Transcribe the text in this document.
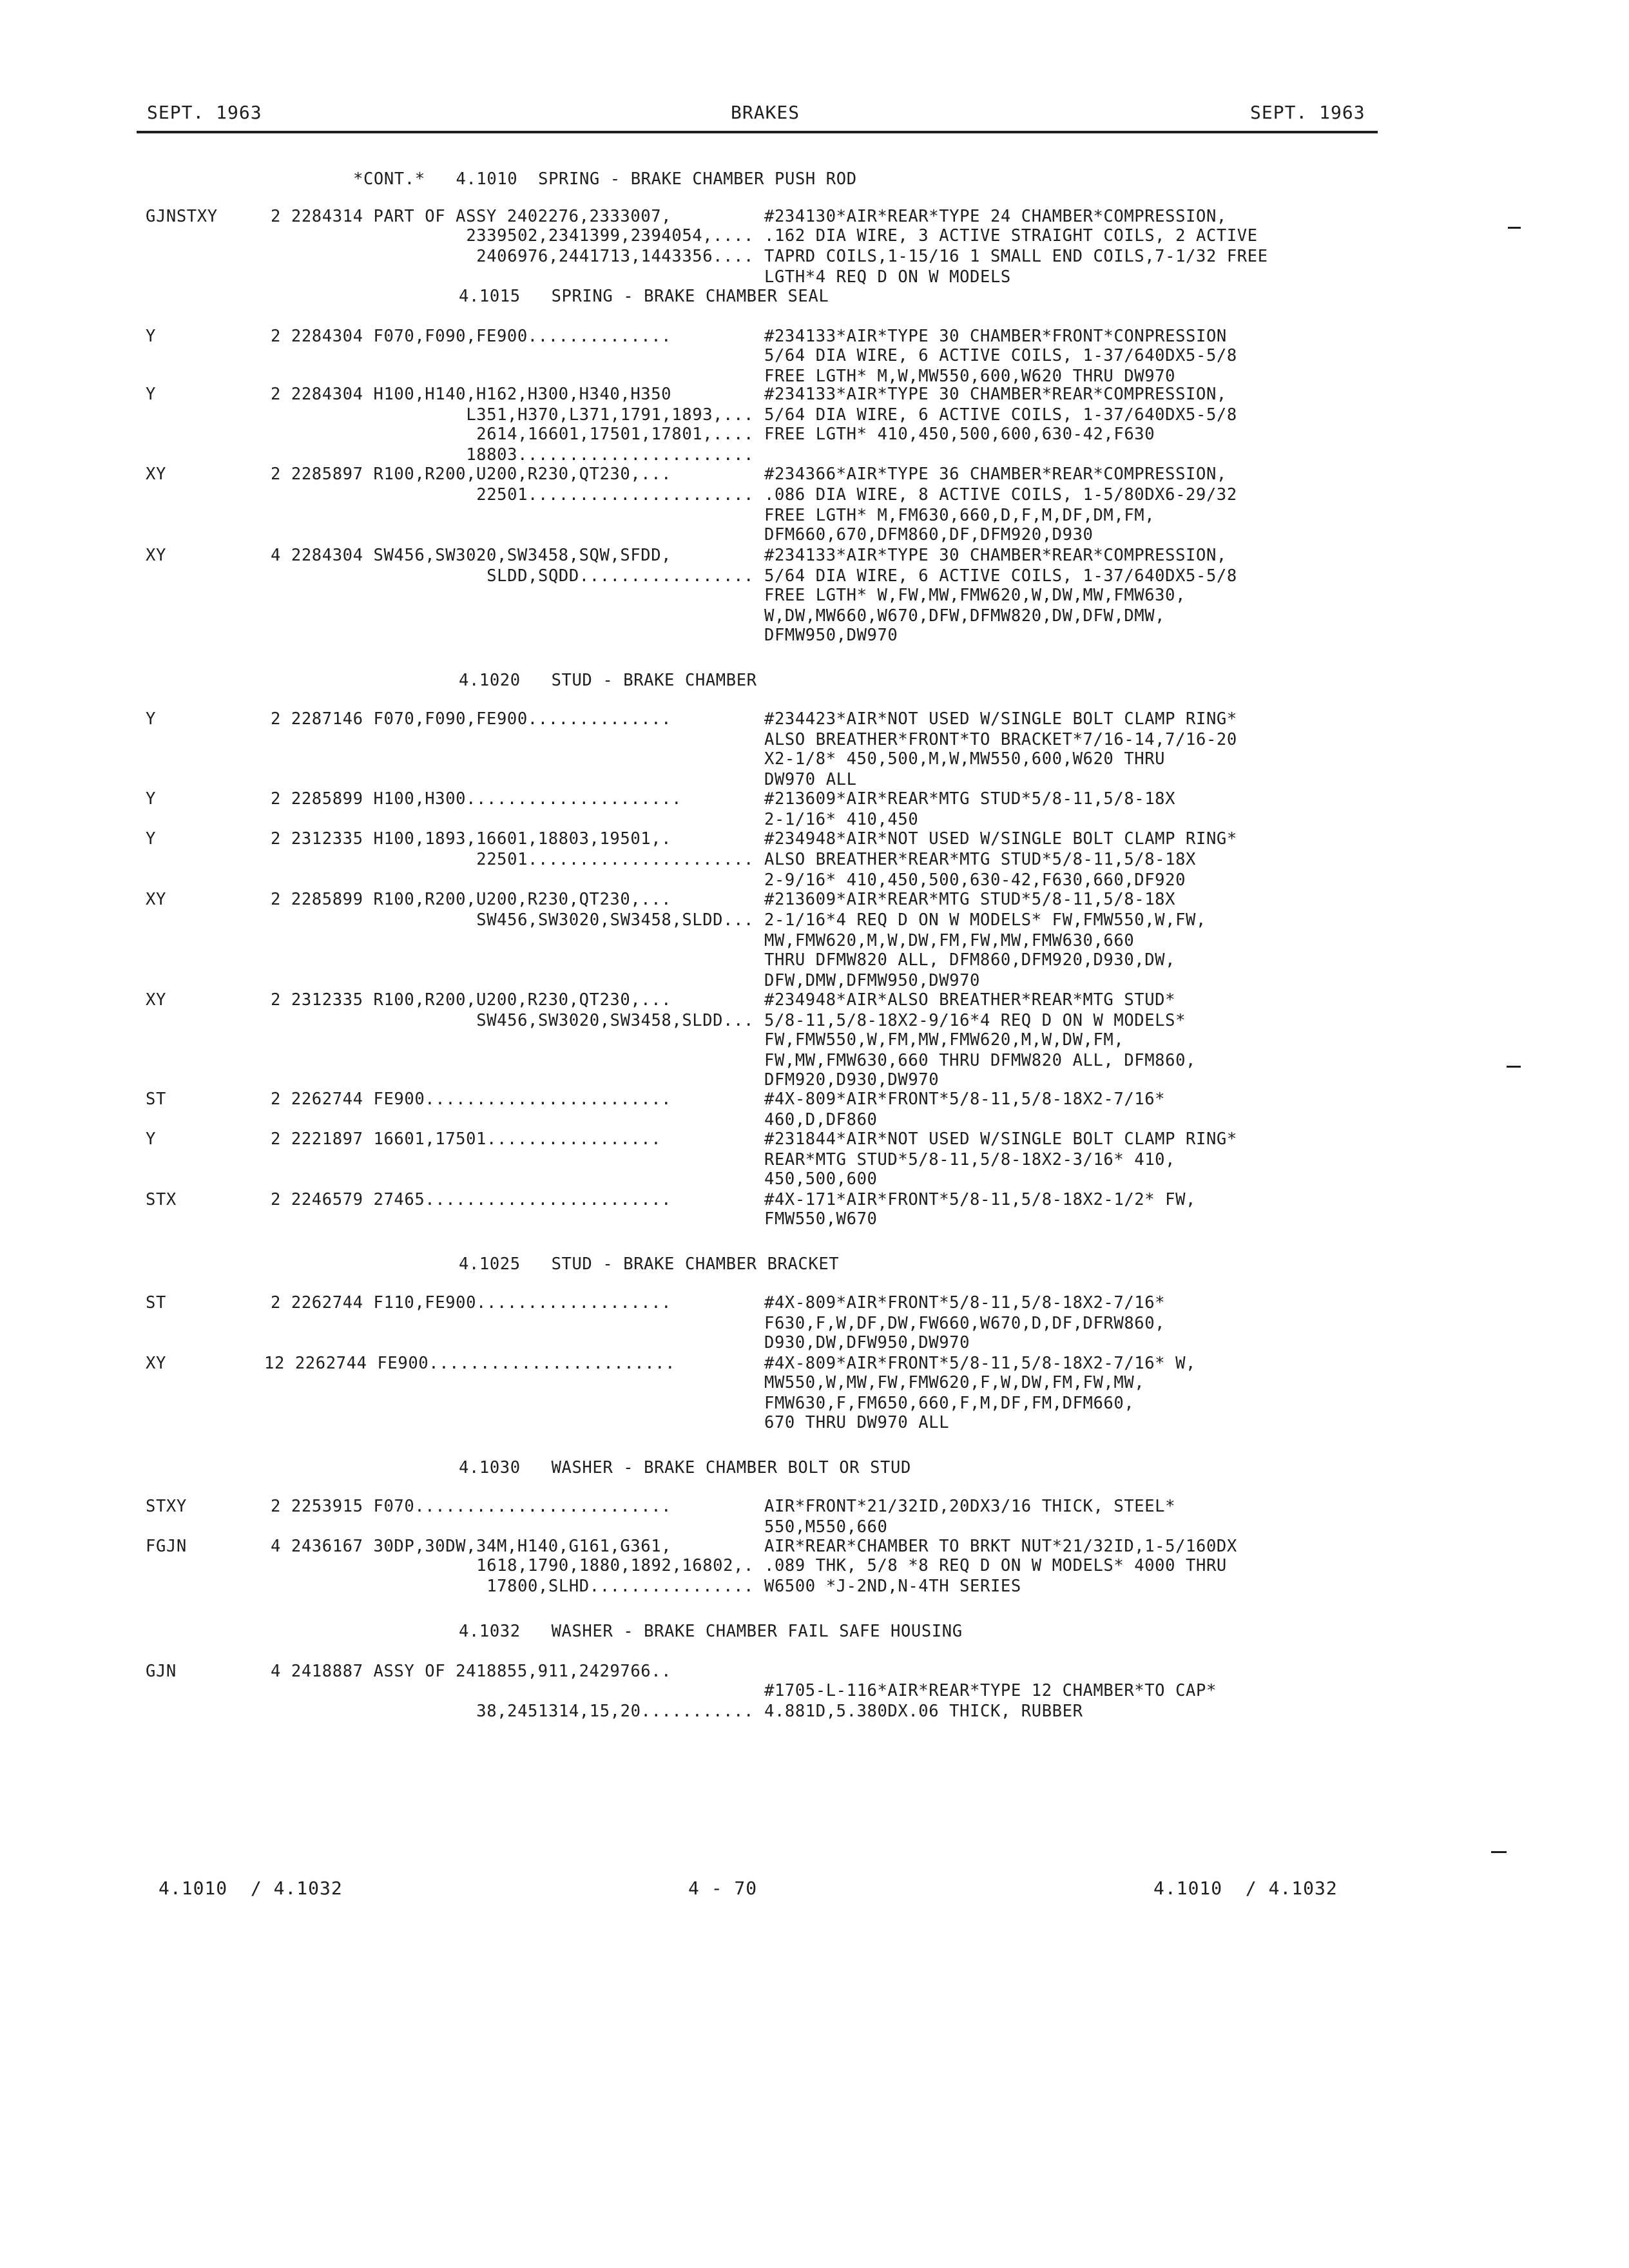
SEPT. 1963	BRAKES	SEPT. 1963
*CONT.*   4.1010  SPRING - BRAKE CHAMBER PUSH ROD
GJNSTXY	2 2284314 PART OF ASSY 2402276,2333007,	#234130*AIR*REAR*TYPE 24 CHAMBER*COMPRESSION,
2339502,2341399,2394054,.... .162 DIA WIRE, 3 ACTIVE STRAIGHT COILS, 2 ACTIVE
2406976,2441713,1443356.... TAPRD COILS,1-15/16 1 SMALL END COILS,7-1/32 FREE
LGTH*4 REQ D ON W MODELS
4.1015   SPRING - BRAKE CHAMBER SEAL
Y	2 2284304 F070,F090,FE900..............	#234133*AIR*TYPE 30 CHAMBER*FRONT*CONPRESSION
5/64 DIA WIRE, 6 ACTIVE COILS, 1-37/640DX5-5/8
FREE LGTH* M,W,MW550,600,W620 THRU DW970
Y	2 2284304 H100,H140,H162,H300,H340,H350	#234133*AIR*TYPE 30 CHAMBER*REAR*COMPRESSION,
L351,H370,L371,1791,1893,... 5/64 DIA WIRE, 6 ACTIVE COILS, 1-37/640DX5-5/8
2614,16601,17501,17801,.... FREE LGTH* 410,450,500,600,630-42,F630
18803.......................
XY	2 2285897 R100,R200,U200,R230,QT230,...	#234366*AIR*TYPE 36 CHAMBER*REAR*COMPRESSION,
22501...................... .086 DIA WIRE, 8 ACTIVE COILS, 1-5/80DX6-29/32
FREE LGTH* M,FM630,660,D,F,M,DF,DM,FM,
DFM660,670,DFM860,DF,DFM920,D930
XY	4 2284304 SW456,SW3020,SW3458,SQW,SFDD,	#234133*AIR*TYPE 30 CHAMBER*REAR*COMPRESSION,
SLDD,SQDD................. 5/64 DIA WIRE, 6 ACTIVE COILS, 1-37/640DX5-5/8
FREE LGTH* W,FW,MW,FMW620,W,DW,MW,FMW630,
W,DW,MW660,W670,DFW,DFMW820,DW,DFW,DMW,
DFMW950,DW970
4.1020   STUD - BRAKE CHAMBER
Y	2 2287146 F070,F090,FE900..............	#234423*AIR*NOT USED W/SINGLE BOLT CLAMP RING*
ALSO BREATHER*FRONT*TO BRACKET*7/16-14,7/16-20
X2-1/8* 450,500,M,W,MW550,600,W620 THRU
DW970 ALL
Y	2 2285899 H100,H300.....................	#213609*AIR*REAR*MTG STUD*5/8-11,5/8-18X
2-1/16* 410,450
Y	2 2312335 H100,1893,16601,18803,19501,.	#234948*AIR*NOT USED W/SINGLE BOLT CLAMP RING*
22501...................... ALSO BREATHER*REAR*MTG STUD*5/8-11,5/8-18X
2-9/16* 410,450,500,630-42,F630,660,DF920
XY	2 2285899 R100,R200,U200,R230,QT230,...	#213609*AIR*REAR*MTG STUD*5/8-11,5/8-18X
SW456,SW3020,SW3458,SLDD... 2-1/16*4 REQ D ON W MODELS* FW,FMW550,W,FW,
MW,FMW620,M,W,DW,FM,FW,MW,FMW630,660
THRU DFMW820 ALL, DFM860,DFM920,D930,DW,
DFW,DMW,DFMW950,DW970
XY	2 2312335 R100,R200,U200,R230,QT230,...	#234948*AIR*ALSO BREATHER*REAR*MTG STUD*
SW456,SW3020,SW3458,SLDD... 5/8-11,5/8-18X2-9/16*4 REQ D ON W MODELS*
FW,FMW550,W,FM,MW,FMW620,M,W,DW,FM,
FW,MW,FMW630,660 THRU DFMW820 ALL, DFM860,
DFM920,D930,DW970
ST	2 2262744 FE900........................	#4X-809*AIR*FRONT*5/8-11,5/8-18X2-7/16*
460,D,DF860
Y	2 2221897 16601,17501.................	#231844*AIR*NOT USED W/SINGLE BOLT CLAMP RING*
REAR*MTG STUD*5/8-11,5/8-18X2-3/16* 410,
450,500,600
STX	2 2246579 27465........................	#4X-171*AIR*FRONT*5/8-11,5/8-18X2-1/2* FW,
FMW550,W670
4.1025   STUD - BRAKE CHAMBER BRACKET
ST	2 2262744 F110,FE900...................	#4X-809*AIR*FRONT*5/8-11,5/8-18X2-7/16*
F630,F,W,DF,DW,FW660,W670,D,DF,DFRW860,
D930,DW,DFW950,DW970
XY	12 2262744 FE900........................	#4X-809*AIR*FRONT*5/8-11,5/8-18X2-7/16* W,
MW550,W,MW,FW,FMW620,F,W,DW,FM,FW,MW,
FMW630,F,FM650,660,F,M,DF,FM,DFM660,
670 THRU DW970 ALL
4.1030   WASHER - BRAKE CHAMBER BOLT OR STUD
STXY	2 2253915 F070.........................	AIR*FRONT*21/32ID,20DX3/16 THICK, STEEL*
550,M550,660
FGJN	4 2436167 30DP,30DW,34M,H140,G161,G361,	AIR*REAR*CHAMBER TO BRKT NUT*21/32ID,1-5/160DX
1618,1790,1880,1892,16802,. .089 THK, 5/8 *8 REQ D ON W MODELS* 4000 THRU
17800,SLHD................ W6500 *J-2ND,N-4TH SERIES
4.1032   WASHER - BRAKE CHAMBER FAIL SAFE HOUSING
GJN	4 2418887 ASSY OF 2418855,911,2429766..
#1705-L-116*AIR*REAR*TYPE 12 CHAMBER*TO CAP*
38,2451314,15,20........... 4.881D,5.380DX.06 THICK, RUBBER
4.1010  / 4.1032	4 - 70	4.1010  / 4.1032
